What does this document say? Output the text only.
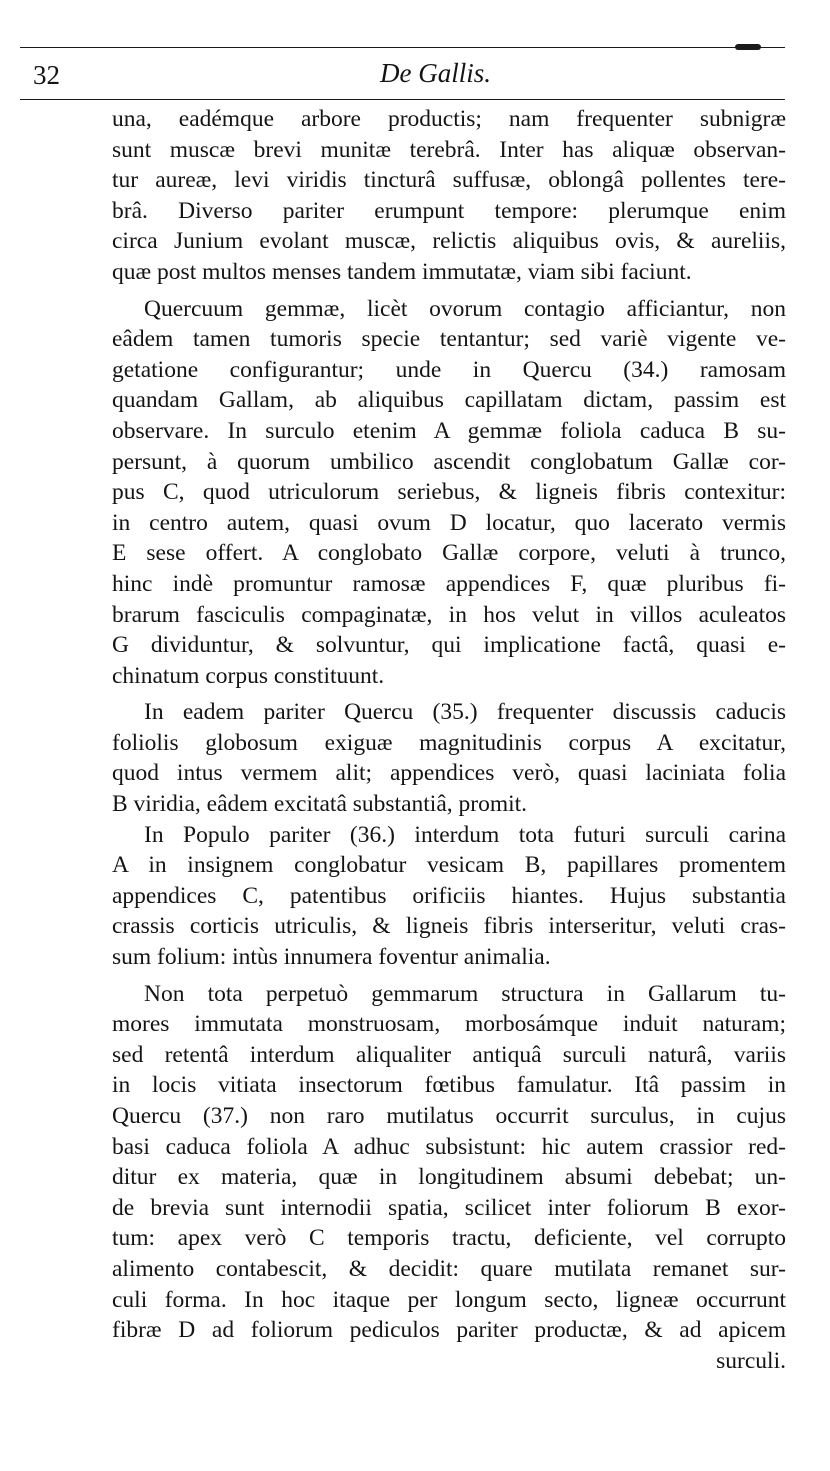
32	De Gallis.
una, eadémque arbore productis; nam frequenter subnigræ
sunt muscæ brevi munitæ terebrâ. Inter has aliquæ observan-
tur aureæ, levi viridis tincturâ suffusæ, oblongâ pollentes tere-
brâ. Diverso pariter erumpunt tempore: plerumque enim
circa Junium evolant muscæ, relictis aliquibus ovis, & aureliis,
quæ post multos menses tandem immutatæ, viam sibi faciunt.
Quercuum gemmæ, licèt ovorum contagio afficiantur, non
eâdem tamen tumoris specie tentantur; sed variè vigente ve-
getatione configurantur; unde in Quercu (34.) ramosam
quandam Gallam, ab aliquibus capillatam dictam, passim est
observare. In surculo etenim A gemmæ foliola caduca B su-
persunt, à quorum umbilico ascendit conglobatum Gallæ cor-
pus C, quod utriculorum seriebus, & ligneis fibris contexitur:
in centro autem, quasi ovum D locatur, quo lacerato vermis
E sese offert. A conglobato Gallæ corpore, veluti à trunco,
hinc indè promuntur ramosæ appendices F, quæ pluribus fi-
brarum fasciculis compaginatæ, in hos velut in villos aculeatos
G dividuntur, & solvuntur, qui implicatione factâ, quasi e-
chinatum corpus constituunt.
In eadem pariter Quercu (35.) frequenter discussis caducis
foliolis globosum exiguæ magnitudinis corpus A excitatur,
quod intus vermem alit; appendices verò, quasi laciniata folia
B viridia, eâdem excitatâ substantiâ, promit.
In Populo pariter (36.) interdum tota futuri surculi carina
A in insignem conglobatur vesicam B, papillares promentem
appendices C, patentibus orificiis hiantes. Hujus substantia
crassis corticis utriculis, & ligneis fibris interseritur, veluti cras-
sum folium: intùs innumera foventur animalia.
Non tota perpetuò gemmarum structura in Gallarum tu-
mores immutata monstruosam, morbosámque induit naturam;
sed retentâ interdum aliqualiter antiquâ surculi naturâ, variis
in locis vitiata insectorum fœtibus famulatur. Itâ passim in
Quercu (37.) non raro mutilatus occurrit surculus, in cujus
basi caduca foliola A adhuc subsistunt: hic autem crassior red-
ditur ex materia, quæ in longitudinem absumi debebat; un-
de brevia sunt internodii spatia, scilicet inter foliorum B exor-
tum: apex verò C temporis tractu, deficiente, vel corrupto
alimento contabescit, & decidit: quare mutilata remanet sur-
culi forma. In hoc itaque per longum secto, ligneæ occurrunt
fibræ D ad foliorum pediculos pariter productæ, & ad apicem

surculi.
